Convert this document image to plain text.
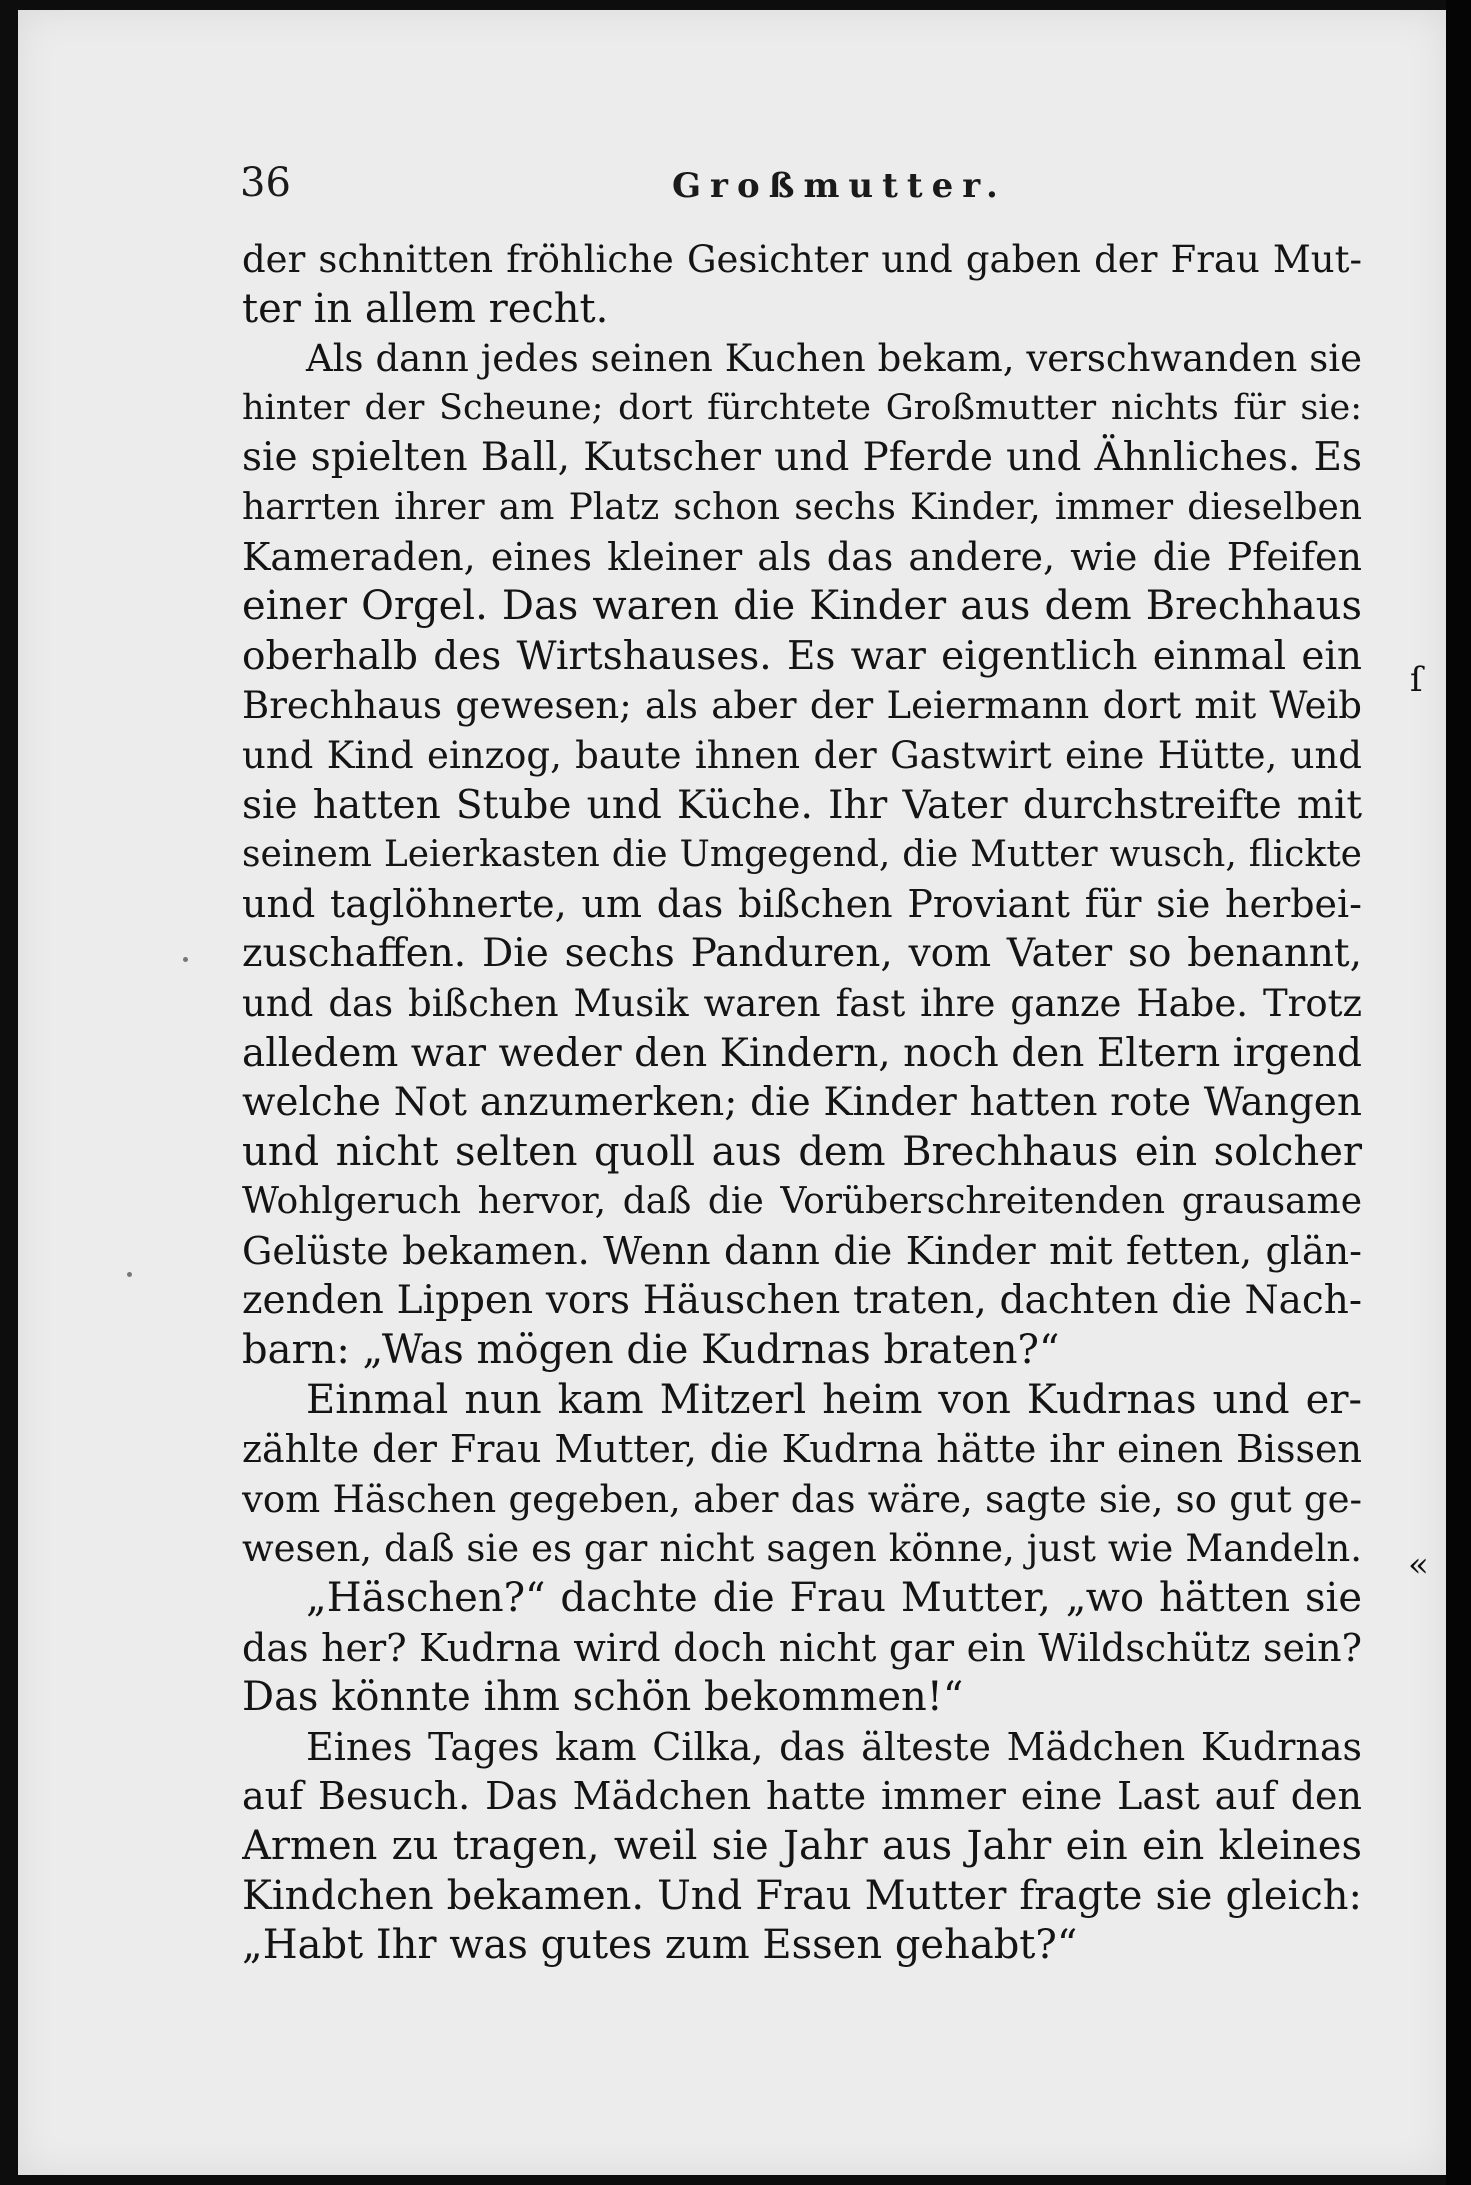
36	Großmutter.
der schnitten fröhliche Gesichter und gaben der Frau Mut-
ter in allem recht.
Als dann jedes seinen Kuchen bekam, verschwanden sie
hinter der Scheune; dort fürchtete Großmutter nichts für sie:
sie spielten Ball, Kutscher und Pferde und Ähnliches. Es
harrten ihrer am Platz schon sechs Kinder, immer dieselben
Kameraden, eines kleiner als das andere, wie die Pfeifen
einer Orgel. Das waren die Kinder aus dem Brechhaus
oberhalb des Wirtshauses. Es war eigentlich einmal ein
Brechhaus gewesen; als aber der Leiermann dort mit Weib
und Kind einzog, baute ihnen der Gastwirt eine Hütte, und
sie hatten Stube und Küche. Ihr Vater durchstreifte mit
seinem Leierkasten die Umgegend, die Mutter wusch, flickte
und taglöhnerte, um das bißchen Proviant für sie herbei-
zuschaffen. Die sechs Panduren, vom Vater so benannt,
und das bißchen Musik waren fast ihre ganze Habe. Trotz
alledem war weder den Kindern, noch den Eltern irgend
welche Not anzumerken; die Kinder hatten rote Wangen
und nicht selten quoll aus dem Brechhaus ein solcher
Wohlgeruch hervor, daß die Vorüberschreitenden grausame
Gelüste bekamen. Wenn dann die Kinder mit fetten, glän-
zenden Lippen vors Häuschen traten, dachten die Nach-
barn: „Was mögen die Kudrnas braten?“
Einmal nun kam Mitzerl heim von Kudrnas und er-
zählte der Frau Mutter, die Kudrna hätte ihr einen Bissen
vom Häschen gegeben, aber das wäre, sagte sie, so gut ge-
wesen, daß sie es gar nicht sagen könne, just wie Mandeln.
„Häschen?“ dachte die Frau Mutter, „wo hätten sie
das her? Kudrna wird doch nicht gar ein Wildschütz sein?
Das könnte ihm schön bekommen!“
Eines Tages kam Cilka, das älteste Mädchen Kudrnas
auf Besuch. Das Mädchen hatte immer eine Last auf den
Armen zu tragen, weil sie Jahr aus Jahr ein ein kleines
Kindchen bekamen. Und Frau Mutter fragte sie gleich:
„Habt Ihr was gutes zum Essen gehabt?“
ſ
«
